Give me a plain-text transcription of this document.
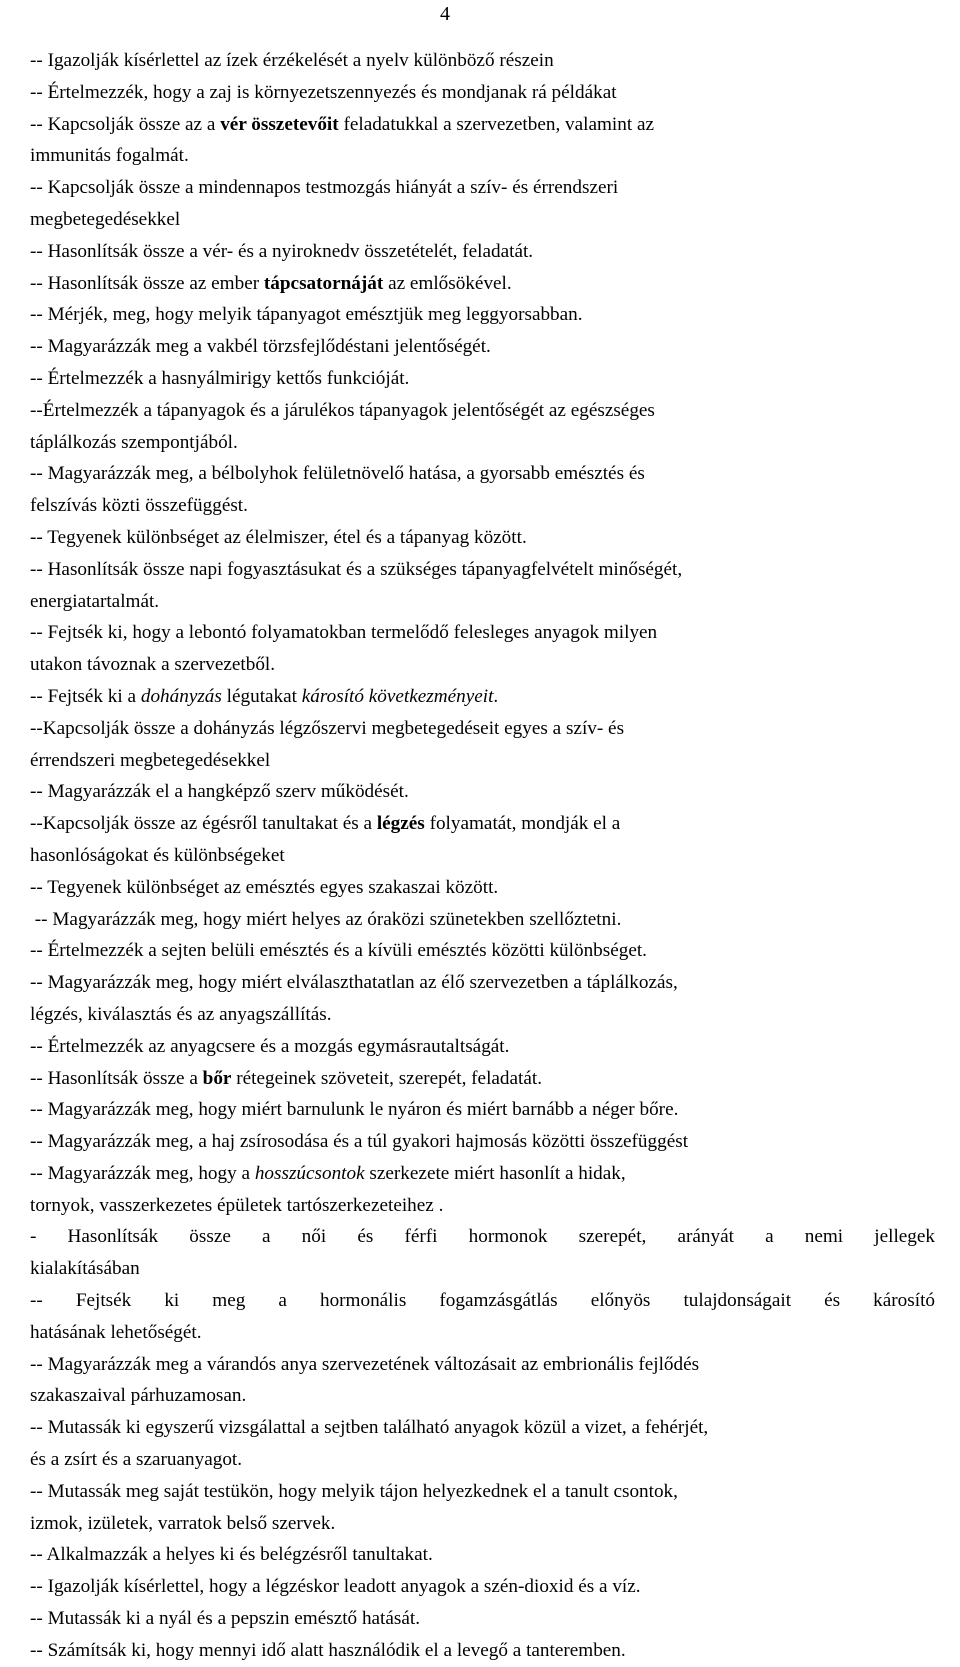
4
-- Igazolják kísérlettel az ízek érzékelését a nyelv különböző részein
-- Értelmezzék, hogy a zaj is környezetszennyezés és mondjanak rá példákat
-- Kapcsolják össze az a vér összetevőit feladatukkal a szervezetben, valamint az
immunitás fogalmát.
-- Kapcsolják össze a mindennapos testmozgás hiányát a szív- és érrendszeri
megbetegedésekkel
-- Hasonlítsák össze a vér- és a nyiroknedv összetételét, feladatát.
-- Hasonlítsák össze az ember tápcsatornáját az emlősökével.
-- Mérjék, meg, hogy melyik tápanyagot emésztjük meg leggyorsabban.
-- Magyarázzák meg a vakbél törzsfejlődéstani jelentőségét.
-- Értelmezzék a hasnyálmirigy kettős funkcióját.
--Értelmezzék a tápanyagok és a járulékos tápanyagok jelentőségét az egészséges
táplálkozás szempontjából.
-- Magyarázzák meg, a bélbolyhok felületnövelő hatása, a gyorsabb emésztés és
felszívás közti összefüggést.
-- Tegyenek különbséget az élelmiszer, étel és a tápanyag között.
-- Hasonlítsák össze napi fogyasztásukat és a szükséges tápanyagfelvételt minőségét,
energiatartalmát.
-- Fejtsék ki, hogy a lebontó folyamatokban termelődő felesleges anyagok milyen
utakon távoznak a szervezetből.
-- Fejtsék ki a dohányzás légutakat károsító következményeit.
--Kapcsolják össze a dohányzás légzőszervi megbetegedéseit egyes a szív- és
érrendszeri megbetegedésekkel
-- Magyarázzák el a hangképző szerv működését.
--Kapcsolják össze az égésről tanultakat és a légzés folyamatát, mondják el a
hasonlóságokat és különbségeket
-- Tegyenek különbséget az emésztés egyes szakaszai között.
-- Magyarázzák meg, hogy miért helyes az óraközi szünetekben szellőztetni.
-- Értelmezzék a sejten belüli emésztés és a kívüli emésztés közötti különbséget.
-- Magyarázzák meg, hogy miért elválaszthatatlan az élő szervezetben a táplálkozás,
légzés, kiválasztás és az anyagszállítás.
-- Értelmezzék az anyagcsere és a mozgás egymásrautaltságát.
-- Hasonlítsák össze a bőr rétegeinek szöveteit, szerepét, feladatát.
-- Magyarázzák meg, hogy miért barnulunk le nyáron és miért barnább a néger bőre.
-- Magyarázzák meg, a haj zsírosodása és a túl gyakori hajmosás közötti összefüggést
-- Magyarázzák meg, hogy a hosszúcsontok szerkezete miért hasonlít a hidak,
tornyok, vasszerkezetes épületek tartószerkezeteihez .
- Hasonlítsák össze a női és férfi hormonok szerepét, arányát a nemi jellegek
kialakításában
-- Fejtsék ki meg a hormonális fogamzásgátlás előnyös tulajdonságait és károsító
hatásának lehetőségét.
-- Magyarázzák meg a várandós anya szervezetének változásait az embrionális fejlődés
szakaszaival párhuzamosan.
-- Mutassák ki egyszerű vizsgálattal a sejtben található anyagok közül a vizet, a fehérjét,
és a zsírt és a szaruanyagot.
-- Mutassák meg saját testükön, hogy melyik tájon helyezkednek el a tanult csontok,
izmok, izületek, varratok belső szervek.
-- Alkalmazzák a helyes ki és belégzésről tanultakat.
-- Igazolják kísérlettel, hogy a légzéskor leadott anyagok a szén-dioxid és a víz.
-- Mutassák ki a nyál és a pepszin emésztő hatását.
-- Számítsák ki, hogy mennyi idő alatt használódik el a levegő a tanteremben.
